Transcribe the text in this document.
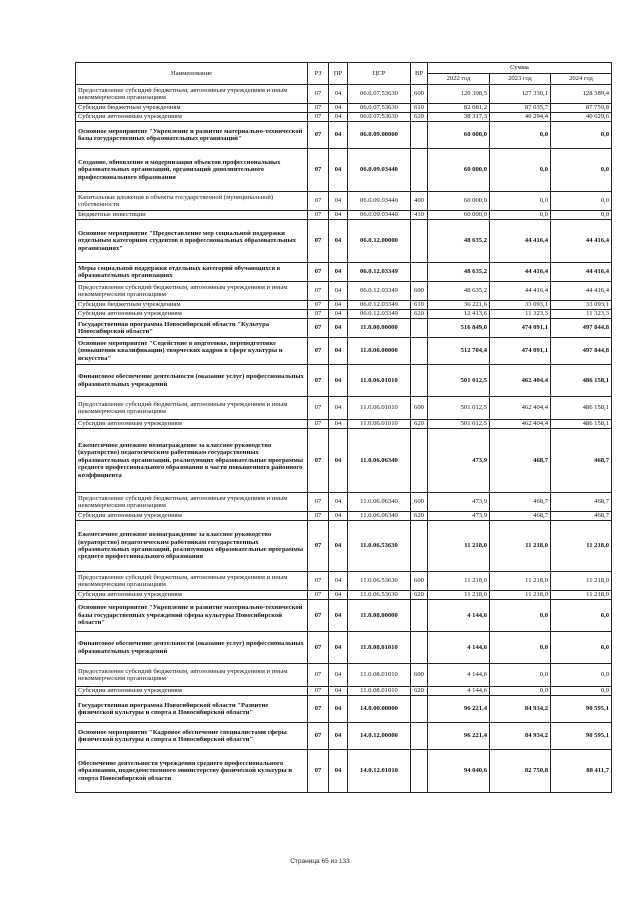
Наименование	РЗ	ПР	ЦСР	ВР	Сумма		
					2022 год	2023 год	2024 год
Предоставление субсидий бюджетным, автономным учреждениям и иным некоммерческим организациям	07	04	06.0.07.53630	600	120 398,5	127 330,1	128 389,4
Субсидии бюджетным учреждениям	07	04	06.0.07.53630	610	82 081,2	87 035,7	87 759,8
Субсидии автономным учреждениям	07	04	06.0.07.53630	620	38 317,3	40 294,4	40 629,6
Основное мероприятие "Укрепление и развитие материально-технической базы государственных образовательных организаций"	07	04	06.0.09.00000		60 000,0	0,0	0,0
Создание, обновление и модернизация объектов профессиональных образовательных организаций, организаций дополнительного профессионального образования	07	04	06.0.09.03440		60 000,0	0,0	0,0
Капитальные вложения в объекты государственной (муниципальной) собственности	07	04	06.0.09.03440	400	60 000,0	0,0	0,0
Бюджетные инвестиции	07	04	06.0.09.03440	410	60 000,0	0,0	0,0
Основное мероприятие "Предоставление мер социальной поддержки отдельным категориям студентов в профессиональных образовательных организациях"	07	04	06.0.12.00000		48 635,2	44 416,4	44 416,4
Меры социальной поддержки отдельных категорий обучающихся в образовательных организациях	07	04	06.0.12.03349		48 635,2	44 416,4	44 416,4
Предоставление субсидий бюджетным, автономным учреждениям и иным некоммерческим организациям	07	04	06.0.12.03349	600	48 635,2	44 416,4	44 416,4
Субсидии бюджетным учреждениям	07	04	06.0.12.03349	610	36 221,6	33 093,1	33 093,1
Субсидии автономным учреждениям	07	04	06.0.12.03349	620	12 413,6	11 323,3	11 323,3
Государственная программа Новосибирской области "Культура Новосибирской области"	07	04	11.0.00.00000		516 849,0	474 091,1	497 844,8
Основное мероприятие "Содействие в подготовке, переподготовке (повышении квалификации) творческих кадров в сфере культуры и искусства"	07	04	11.0.06.00000		512 704,4	474 091,1	497 844,8
Финансовое обеспечение деятельности (оказание услуг) профессиональных образовательных учреждений	07	04	11.0.06.01010		501 012,5	462 404,4	486 158,1
Предоставление субсидий бюджетным, автономным учреждениям и иным некоммерческим организациям	07	04	11.0.06.01010	600	501 012,5	462 404,4	486 158,1
Субсидии автономным учреждениям	07	04	11.0.06.01010	620	501 012,5	462 404,4	486 158,1
Ежемесячное денежное вознаграждение за классное руководство (кураторство) педагогическим работникам государственных образовательных организаций, реализующих образовательные программы среднего профессионального образования в части повышенного районного коэффициента	07	04	11.0.06.06340		473,9	468,7	468,7
Предоставление субсидий бюджетным, автономным учреждениям и иным некоммерческим организациям	07	04	11.0.06.06340	600	473,9	468,7	468,7
Субсидии автономным учреждениям	07	04	11.0.06.06340	620	473,9	468,7	468,7
Ежемесячное денежное вознаграждение за классное руководство (кураторство) педагогическим работникам государственных образовательных организаций, реализующих образовательные программы среднего профессионального образования	07	04	11.0.06.53630		11 218,0	11 218,0	11 218,0
Предоставление субсидий бюджетным, автономным учреждениям и иным некоммерческим организациям	07	04	11.0.06.53630	600	11 218,0	11 218,0	11 218,0
Субсидии автономным учреждениям	07	04	11.0.06.53630	620	11 218,0	11 218,0	11 218,0
Основное мероприятие "Укрепление и развитие материально-технической базы государственных учреждений сферы культуры Новосибирской области"	07	04	11.0.08.00000		4 144,6	0,0	0,0
Финансовое обеспечение деятельности (оказание услуг) профессиональных образовательных учреждений	07	04	11.0.08.01010		4 144,6	0,0	0,0
Предоставление субсидий бюджетным, автономным учреждениям и иным некоммерческим организациям	07	04	11.0.08.01010	600	4 144,6	0,0	0,0
Субсидии автономным учреждениям	07	04	11.0.08.01010	620	4 144,6	0,0	0,0
Государственная программа Новосибирской области "Развитие физической культуры и спорта в Новосибирской области"	07	04	14.0.00.00000		96 221,4	84 934,2	90 595,1
Основное мероприятие "Кадровое обеспечение специалистами сферы физической культуры и спорта в Новосибирской области"	07	04	14.0.12.00000		96 221,4	84 934,2	90 595,1
Обеспечение деятельности учреждения среднего профессионального образования, подведомственного министерству физической культуры и спорта Новосибирской области	07	04	14.0.12.01010		94 040,6	82 750,8	88 411,7
Страница 65 из 133
